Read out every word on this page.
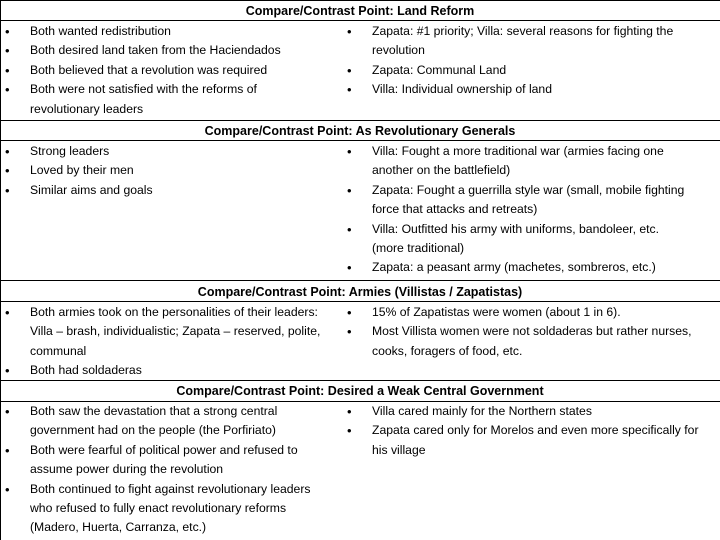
Compare/Contrast Point: Land Reform
• Both wanted redistribution
• Both desired land taken from the Haciendados
• Both believed that a revolution was required
• Both were not satisfied with the reforms of
revolutionary leaders
• Zapata: #1 priority; Villa: several reasons for fighting the
revolution
• Zapata: Communal Land
• Villa: Individual ownership of land
Compare/Contrast Point: As Revolutionary Generals
• Strong leaders
• Loved by their men
• Similar aims and goals
• Villa: Fought a more traditional war (armies facing one
another on the battlefield)
• Zapata: Fought a guerrilla style war (small, mobile fighting
force that attacks and retreats)
• Villa: Outfitted his army with uniforms, bandoleer, etc.
(more traditional)
• Zapata: a peasant army (machetes, sombreros, etc.)
Compare/Contrast Point: Armies (Villistas / Zapatistas)
• Both armies took on the personalities of their leaders:
Villa – brash, individualistic; Zapata – reserved, polite,
communal
• Both had soldaderas
• 15% of Zapatistas were women (about 1 in 6).
• Most Villista women were not soldaderas but rather nurses,
cooks, foragers of food, etc.
Compare/Contrast Point: Desired a Weak Central Government
• Both saw the devastation that a strong central
government had on the people (the Porfiriato)
• Both were fearful of political power and refused to
assume power during the revolution
• Both continued to fight against revolutionary leaders
who refused to fully enact revolutionary reforms
(Madero, Huerta, Carranza, etc.)
• Villa cared mainly for the Northern states
• Zapata cared only for Morelos and even more specifically for
his village
